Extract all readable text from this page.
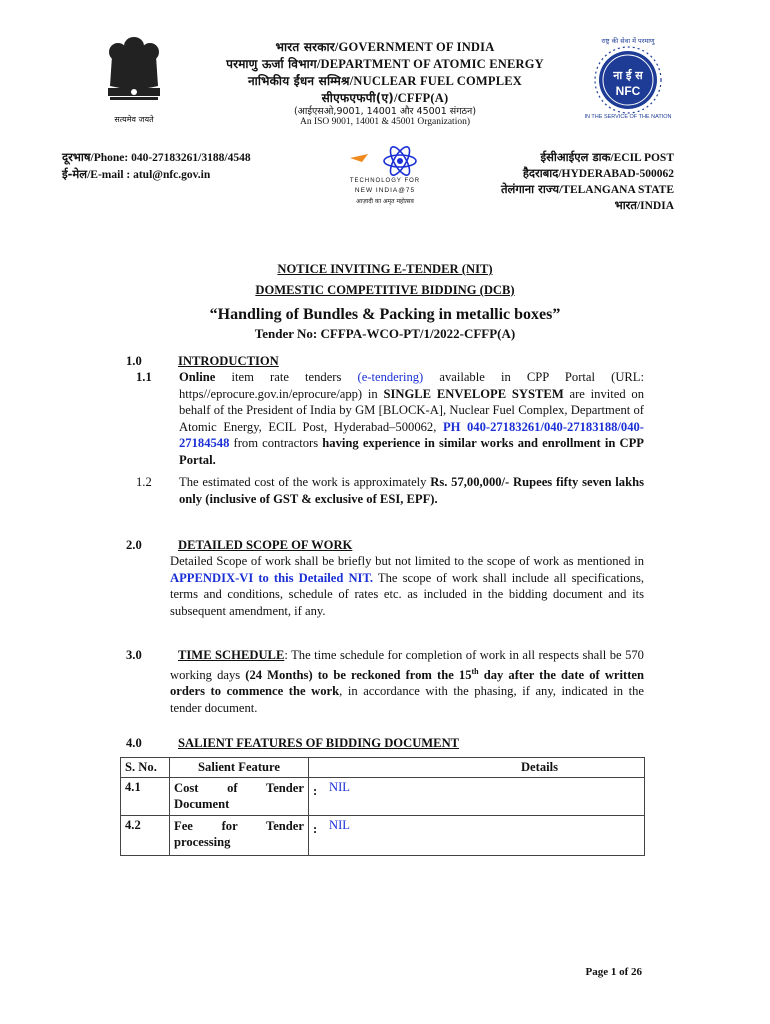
सत्यमेव जयते
भारत सरकार/GOVERNMENT OF INDIA
परमाणु ऊर्जा विभाग/DEPARTMENT OF ATOMIC ENERGY
नाभिकीय ईंधन सम्मिश्र/NUCLEAR FUEL COMPLEX
सीएफएफपी(ए)/CFFP(A)
(आईएसओ,9001, 14001 और 45001 संगठन)
An ISO 9001, 14001 & 45001 Organization)
ना ई स
NFC
राष्ट्र की सेवा में परमाणु
IN THE SERVICE OF THE NATION
दूरभाष/Phone: 040-27183261/3188/4548
ई-मेल/E-mail : atul@nfc.gov.in	TECHNOLOGY FOR
NEW INDIA@75
आज़ादी का अमृत महोत्सव
ईसीआईएल डाक/ECIL POST
हैदराबाद/HYDERABAD-500062
तेलंगाना राज्य/TELANGANA STATE
भारत/INDIA
NOTICE INVITING E-TENDER (NIT)
DOMESTIC COMPETITIVE BIDDING (DCB)
“Handling of Bundles & Packing in metallic boxes”
Tender No: CFFPA-WCO-PT/1/2022-CFFP(A)
1.0	INTRODUCTION
1.1 Online item rate tenders (e-tendering) available in CPP Portal (URL: https//eprocure.gov.in/eprocure/app) in SINGLE ENVELOPE SYSTEM are invited on behalf of the President of India by GM [BLOCK-A], Nuclear Fuel Complex, Department of Atomic Energy, ECIL Post, Hyderabad–500062, PH 040-27183261/040-27183188/040-27184548 from contractors having experience in similar works and enrollment in CPP Portal.
1.2 The estimated cost of the work is approximately Rs. 57,00,000/- Rupees fifty seven lakhs only (inclusive of GST & exclusive of ESI, EPF).
2.0	DETAILED SCOPE OF WORK
Detailed Scope of work shall be briefly but not limited to the scope of work as mentioned in APPENDIX-VI to this Detailed NIT. The scope of work shall include all specifications, terms and conditions, schedule of rates etc. as included in the bidding document and its subsequent amendment, if any.
3.0	TIME SCHEDULE: The time schedule for completion of work in all respects shall be 570 working days (24 Months) to be reckoned from the 15th day after the date of written orders to commence the work, in accordance with the phasing, if any, indicated in the tender document.
4.0	SALIENT FEATURES OF BIDDING DOCUMENT
S. No.	Salient Feature	Details	
4.1	Cost of Tender Document	:	NIL
4.2	Fee for Tender processing	:	NIL
Page 1 of 26
